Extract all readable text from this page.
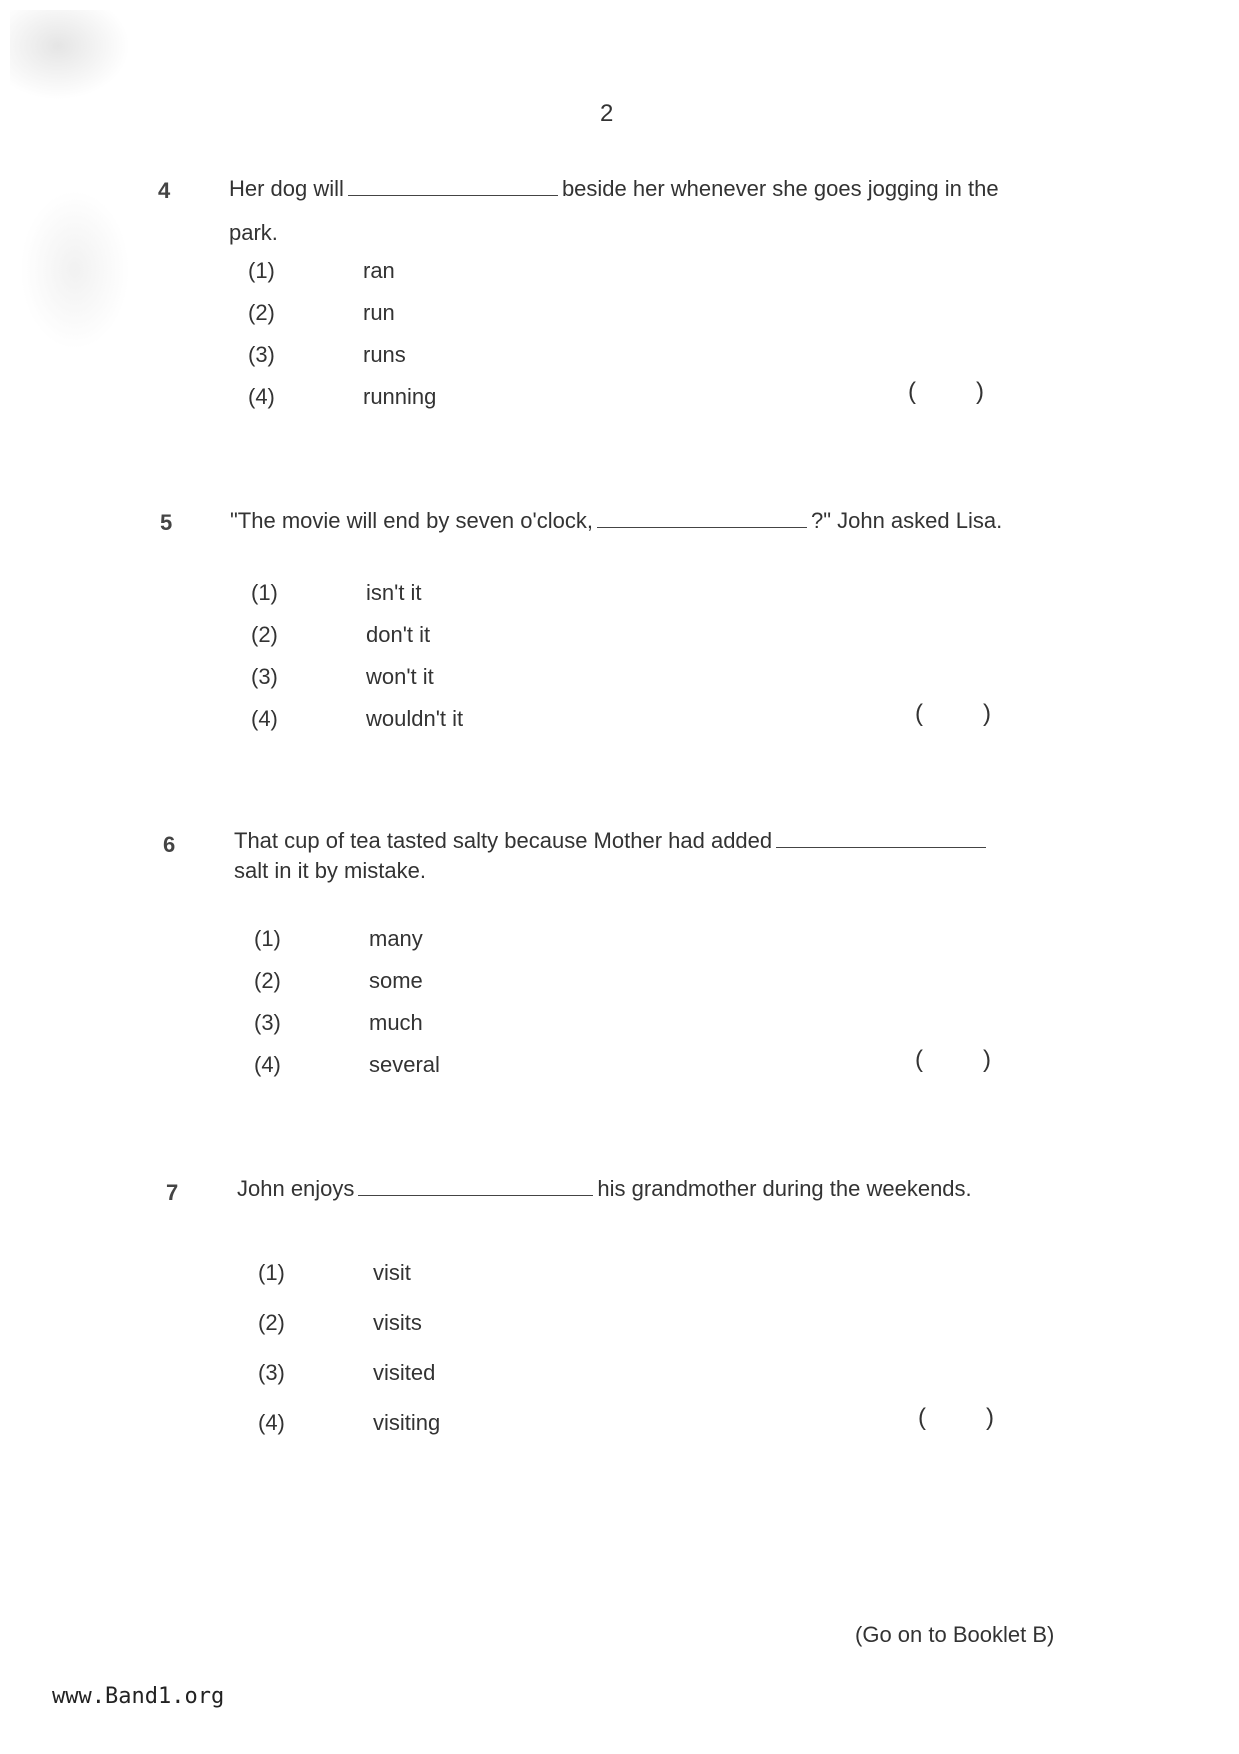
2
4	Her dog will	beside her whenever she goes jogging in the
park.
(1)	ran
(2)	run
(3)	runs
(4)	running	(	)
5	"The movie will end by seven o'clock,	?" John asked Lisa.
(1)	isn't it
(2)	don't it
(3)	won't it
(4)	wouldn't it	(	)
6	That cup of tea tasted salty because Mother had added
salt in it by mistake.
(1)	many
(2)	some
(3)	much
(4)	several	(	)
7	John enjoys	his grandmother during the weekends.
(1)	visit
(2)	visits
(3)	visited
(4)	visiting	(	)
(Go on to Booklet B)
www.Band1.org
